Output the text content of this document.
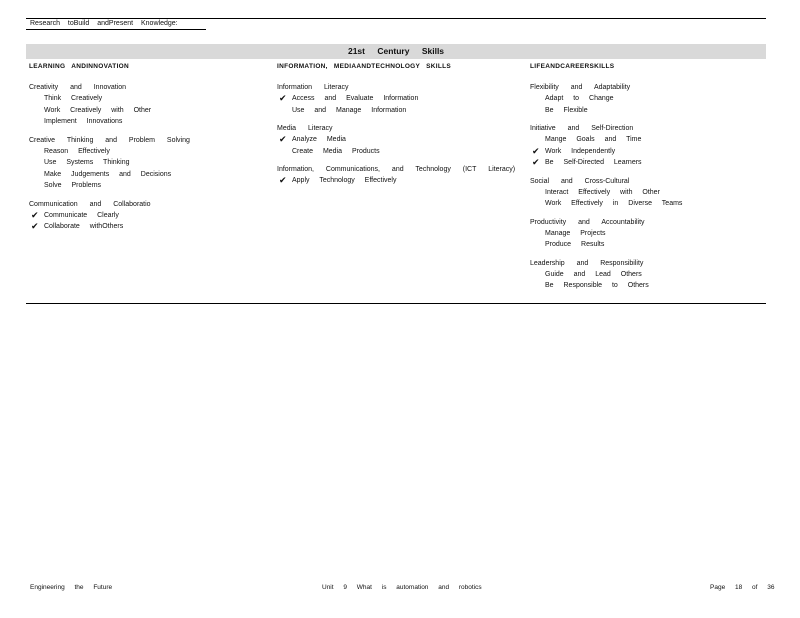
Research toBuild andPresent Knowledge:
21st Century Skills
LEARNING ANDINNOVATION
Creativity and Innovation
Think Creatively
Work Creatively with Other
Implement Innovations
Creative Thinking and Problem Solving
Reason Effectively
Use Systems Thinking
Make Judgements and Decisions
Solve Problems
Communication and Collaboratio
✔ Communicate Clearly
✔ Collaborate withOthers
INFORMATION, MEDIAANDTECHNOLOGY SKILLS
Information Literacy
✔ Access and Evaluate Information
Use and Manage Information
Media Literacy
✔ Analyze Media
Create Media Products
Information, Communications, and Technology (ICT Literacy)
✔ Apply Technology Effectively
LIFEANDCAREERSKILLS
Flexibility and Adaptability
Adapt to Change
Be Flexible
Initiative and Self-Direction
Mange Goals and Time
✔ Work Independently
✔ Be Self-Directed Learners
Social and Cross-Cultural
Interact Effectively with Other
Work Effectively in Diverse Teams
Productivity and Accountability
Manage Projects
Produce Results
Leadership and Responsibility
Guide and Lead Others
Be Responsible to Others
Engineering the Future	Unit 9 What is automation and robotics	Page 18 of 36
